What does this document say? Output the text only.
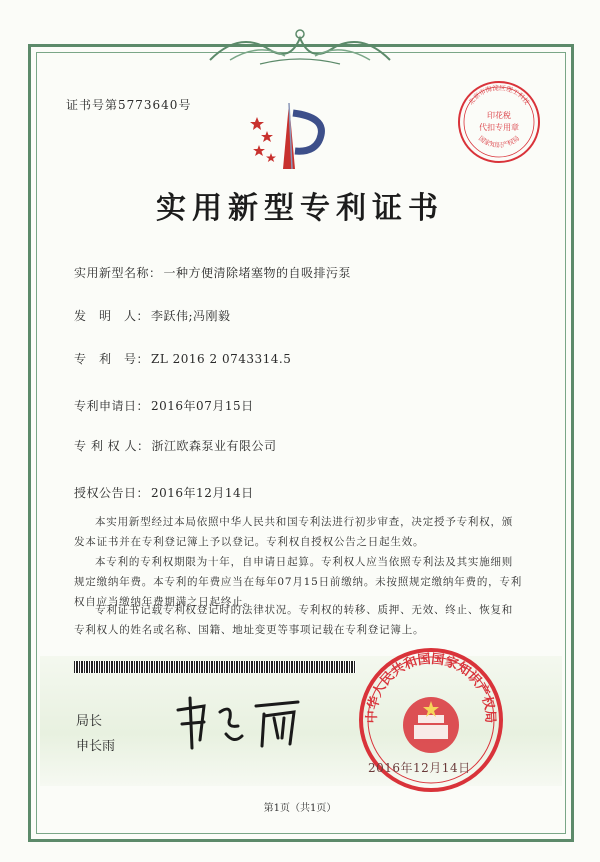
证书号第5773640号
印花税
代扣专用章
北京市海淀区理工科技
国家知识产权局
实用新型专利证书
实用新型名称： 一种方便清除堵塞物的自吸排污泵
发　明　人： 李跃伟;冯刚毅
专　利　号： ZL 2016 2 0743314.5
专利申请日： 2016年07月15日
专 利 权 人： 浙江欧森泵业有限公司
授权公告日： 2016年12月14日
本实用新型经过本局依照中华人民共和国专利法进行初步审查，决定授予专利权，颁发本证书并在专利登记簿上予以登记。专利权自授权公告之日起生效。
本专利的专利权期限为十年，自申请日起算。专利权人应当依照专利法及其实施细则规定缴纳年费。本专利的年费应当在每年07月15日前缴纳。未按照规定缴纳年费的，专利权自应当缴纳年费期满之日起终止。
专利证书记载专利权登记时的法律状况。专利权的转移、质押、无效、终止、恢复和专利权人的姓名或名称、国籍、地址变更等事项记载在专利登记簿上。
局长
申长雨
中华人民共和国国家知识产权局
2016年12月14日
第1页（共1页）
